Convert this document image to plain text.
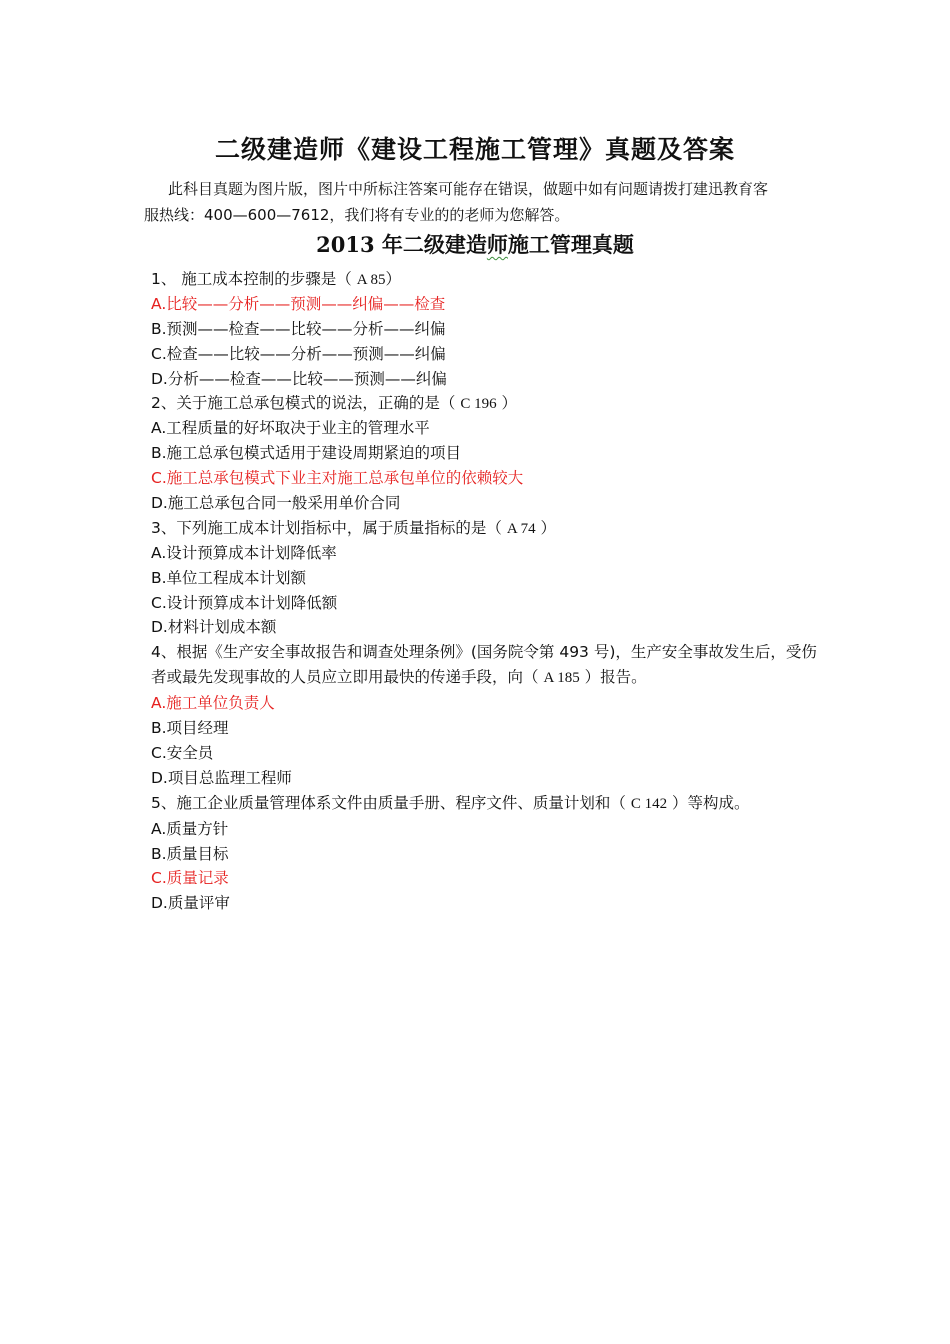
二级建造师《建设工程施工管理》真题及答案
此科目真题为图片版，图片中所标注答案可能存在错误，做题中如有问题请拨打建迅教育客
服热线：400—600—7612，我们将有专业的的老师为您解答。
2013 年二级建造师施工管理真题
1、 施工成本控制的步骤是（ A 85）
A.比较——分析——预测——纠偏——检查
B.预测——检查——比较——分析——纠偏
C.检查——比较——分析——预测——纠偏
D.分析——检查——比较——预测——纠偏
2、关于施工总承包模式的说法，正确的是（ C 196 ）
A.工程质量的好坏取决于业主的管理水平
B.施工总承包模式适用于建设周期紧迫的项目
C.施工总承包模式下业主对施工总承包单位的依赖较大
D.施工总承包合同一般采用单价合同
3、下列施工成本计划指标中，属于质量指标的是（ A 74 ）
A.设计预算成本计划降低率
B.单位工程成本计划额
C.设计预算成本计划降低额
D.材料计划成本额
4、根据《生产安全事故报告和调查处理条例》(国务院令第 493 号)，生产安全事故发生后，受伤者或最先发现事故的人员应立即用最快的传递手段，向（ A 185 ）报告。
A.施工单位负责人
B.项目经理
C.安全员
D.项目总监理工程师
5、施工企业质量管理体系文件由质量手册、程序文件、质量计划和（ C 142 ）等构成。
A.质量方针
B.质量目标
C.质量记录
D.质量评审
